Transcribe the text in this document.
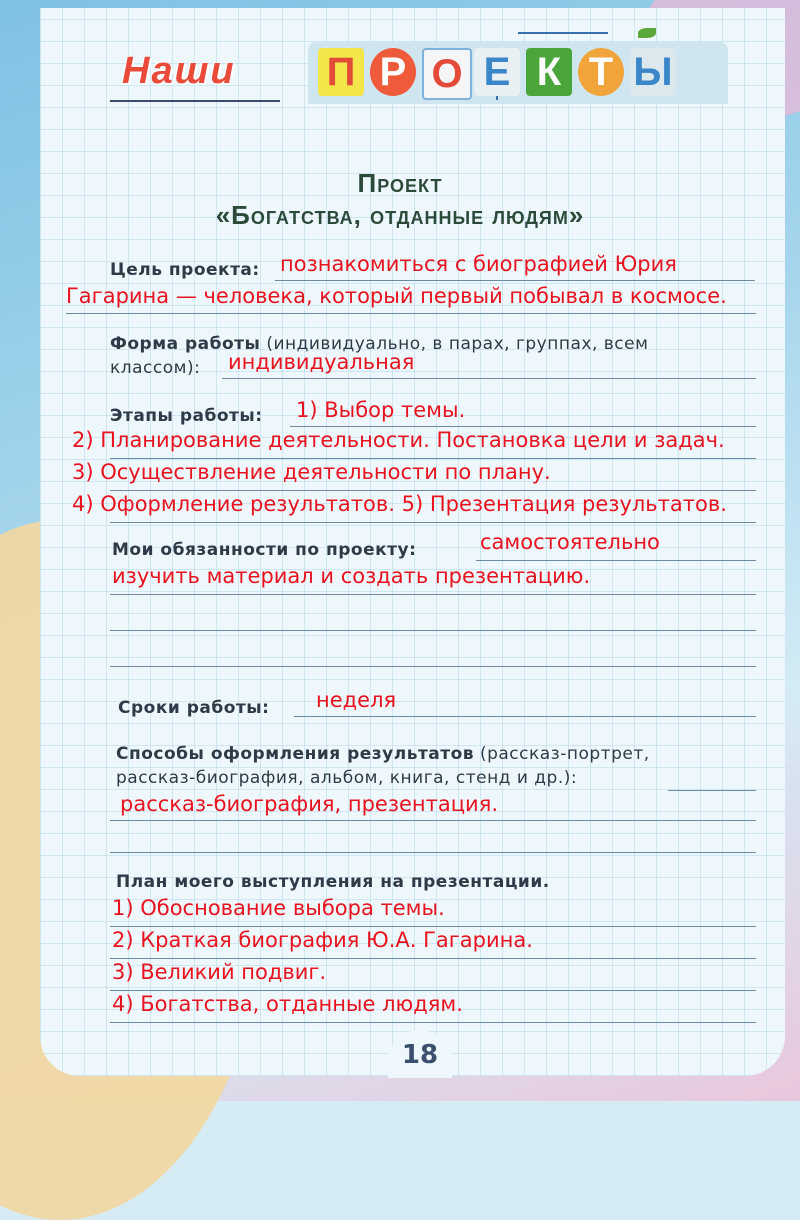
Наши П Р О Е К Т Ы
Проект
«Богатства, отданные людям»
Цель проекта: познакомиться с биографией Юрия
Гагарина — человека, который первый побывал в космосе.
Форма работы (индивидуально, в парах, группах, всем
классом): индивидуальная
Этапы работы: 1) Выбор темы.
2) Планирование деятельности. Постановка цели и задач.
3) Осуществление деятельности по плану.
4) Оформление результатов. 5) Презентация результатов.
Мои обязанности по проекту:	самостоятельно
изучить материал и создать презентацию.
Сроки работы: неделя
Способы оформления результатов (рассказ-портрет,
рассказ-биография, альбом, книга, стенд и др.):
рассказ-биография, презентация.
План моего выступления на презентации.
1) Обоснование выбора темы.
2) Краткая биография Ю.А. Гагарина.
3) Великий подвиг.
4) Богатства, отданные людям.
18
